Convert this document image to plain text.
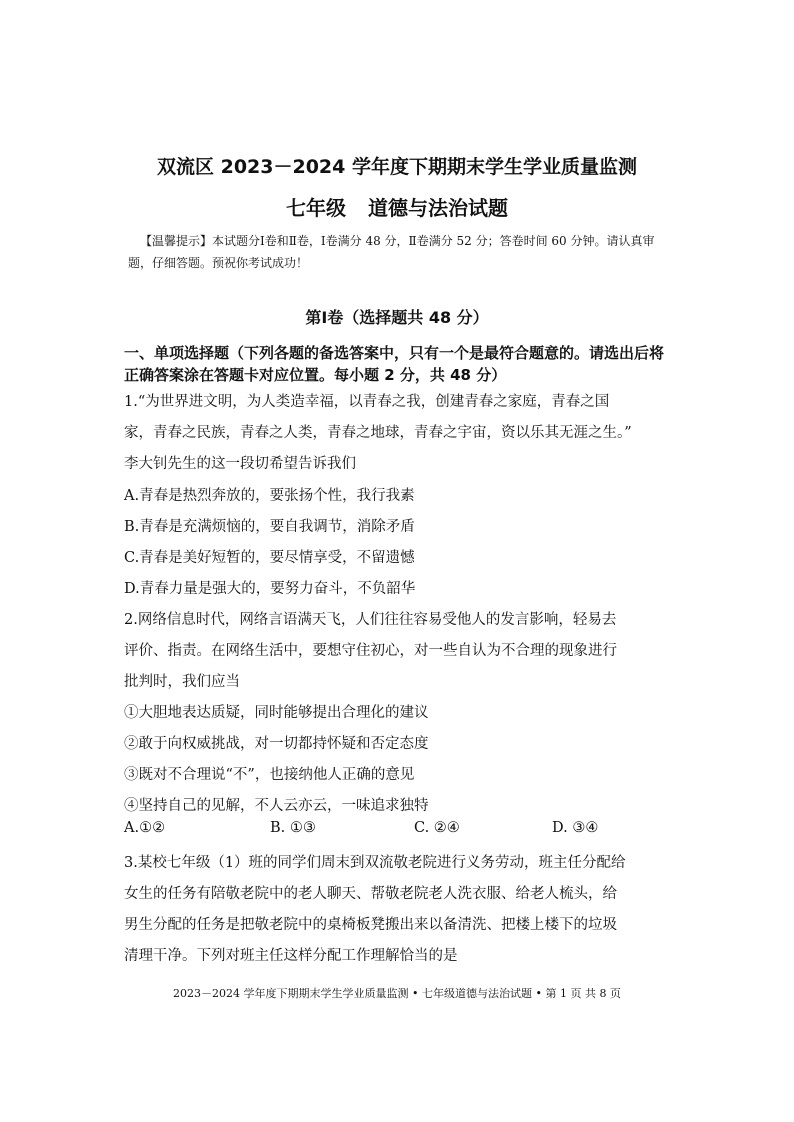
双流区 2023－2024 学年度下期期末学生学业质量监测
七年级 道德与法治试题

【温馨提示】本试题分Ⅰ卷和Ⅱ卷，Ⅰ卷满分 48 分，Ⅱ卷满分 52 分；答卷时间 60 分钟。请认真审题，仔细答题。预祝你考试成功！

第Ⅰ卷（选择题共 48 分）

一、单项选择题（下列各题的备选答案中，只有一个是最符合题意的。请选出后将正确答案涂在答题卡对应位置。每小题 2 分，共 48 分）

1.“为世界进文明，为人类造幸福，以青春之我，创建青春之家庭，青春之国

家，青春之民族，青春之人类，青春之地球，青春之宇宙，资以乐其无涯之生。”

李大钊先生的这一段切希望告诉我们

A.青春是热烈奔放的，要张扬个性，我行我素

B.青春是充满烦恼的，要自我调节，消除矛盾

C.青春是美好短暂的，要尽情享受，不留遗憾

D.青春力量是强大的，要努力奋斗，不负韶华

2.网络信息时代，网络言语满天飞，人们往往容易受他人的发言影响，轻易去

评价、指责。在网络生活中，要想守住初心，对一些自认为不合理的现象进行

批判时，我们应当

①大胆地表达质疑，同时能够提出合理化的建议

②敢于向权威挑战，对一切都持怀疑和否定态度

③既对不合理说“不”，也接纳他人正确的意见

④坚持自己的见解，不人云亦云，一味追求独特

A.①②	B. ①③	C. ②④	D. ③④

3.某校七年级（1）班的同学们周末到双流敬老院进行义务劳动，班主任分配给

女生的任务有陪敬老院中的老人聊天、帮敬老院老人洗衣服、给老人梳头，给

男生分配的任务是把敬老院中的桌椅板凳搬出来以备清洗、把楼上楼下的垃圾

清理干净。下列对班主任这样分配工作理解恰当的是

2023－2024 学年度下期期末学生学业质量监测 • 七年级道德与法治试题 • 第 1 页 共 8 页
